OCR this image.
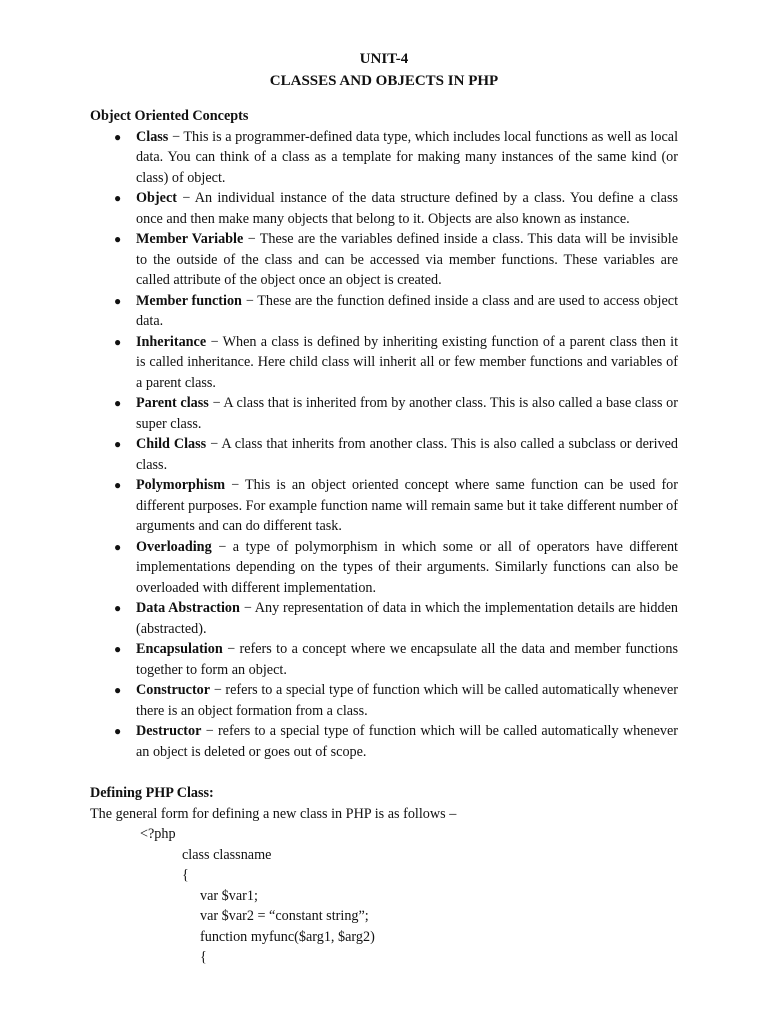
UNIT-4
CLASSES AND OBJECTS IN PHP

Object Oriented Concepts

● Class − This is a programmer-defined data type, which includes local functions as well as local data. You can think of a class as a template for making many instances of the same kind (or class) of object.
● Object − An individual instance of the data structure defined by a class. You define a class once and then make many objects that belong to it. Objects are also known as instance.
● Member Variable − These are the variables defined inside a class. This data will be invisible to the outside of the class and can be accessed via member functions. These variables are called attribute of the object once an object is created.
● Member function − These are the function defined inside a class and are used to access object data.
● Inheritance − When a class is defined by inheriting existing function of a parent class then it is called inheritance. Here child class will inherit all or few member functions and variables of a parent class.
● Parent class − A class that is inherited from by another class. This is also called a base class or super class.
● Child Class − A class that inherits from another class. This is also called a subclass or derived class.
● Polymorphism − This is an object oriented concept where same function can be used for different purposes. For example function name will remain same but it take different number of arguments and can do different task.
● Overloading − a type of polymorphism in which some or all of operators have different implementations depending on the types of their arguments. Similarly functions can also be overloaded with different implementation.
● Data Abstraction − Any representation of data in which the implementation details are hidden (abstracted).
● Encapsulation − refers to a concept where we encapsulate all the data and member functions together to form an object.
● Constructor − refers to a special type of function which will be called automatically whenever there is an object formation from a class.
● Destructor − refers to a special type of function which will be called automatically whenever an object is deleted or goes out of scope.

Defining PHP Class:

The general form for defining a new class in PHP is as follows –

<?php
class classname
{
var $var1;
var $var2 = “constant string”;
function myfunc($arg1, $arg2)
{
